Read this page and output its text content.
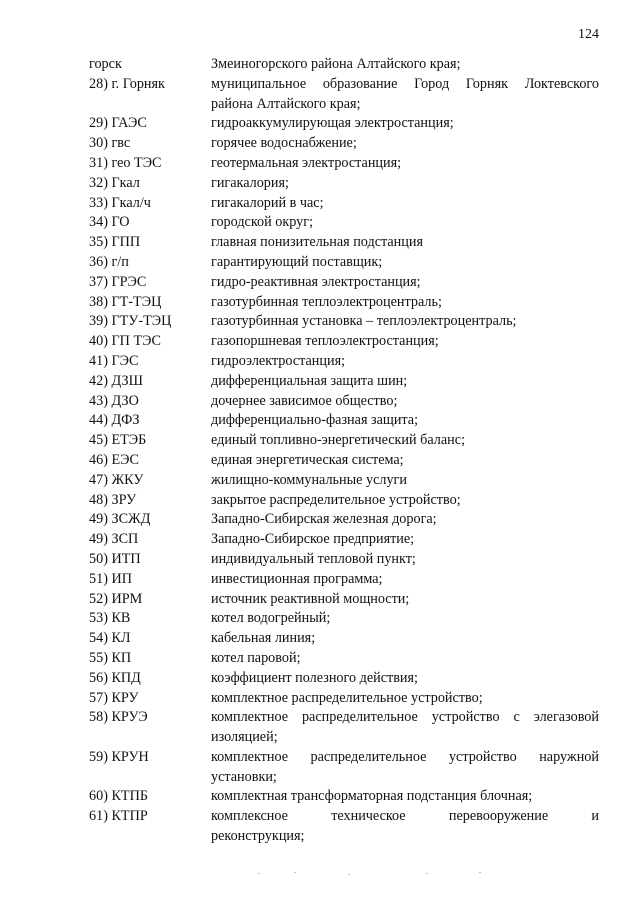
124
горск	Змеиногорского района Алтайского края;
28) г. Горняк	муниципальное образование Город Горняк Локтевского
района Алтайского края;
29) ГАЭС	гидроаккумулирующая электростанция;
30) гвс	горячее водоснабжение;
31) гео ТЭС	геотермальная электростанция;
32) Гкал	гигакалория;
33) Гкал/ч	гигакалорий в час;
34) ГО	городской округ;
35) ГПП	главная понизительная подстанция
36) г/п	гарантирующий поставщик;
37) ГРЭС	гидро-реактивная электростанция;
38) ГТ-ТЭЦ	газотурбинная теплоэлектроцентраль;
39) ГТУ-ТЭЦ	газотурбинная установка – теплоэлектроцентраль;
40) ГП ТЭС	газопоршневая теплоэлектростанция;
41) ГЭС	гидроэлектростанция;
42) ДЗШ	дифференциальная защита шин;
43) ДЗО	дочернее зависимое общество;
44) ДФЗ	дифференциально-фазная защита;
45) ЕТЭБ	единый топливно-энергетический баланс;
46) ЕЭС	единая энергетическая система;
47) ЖКУ	жилищно-коммунальные услуги
48) ЗРУ	закрытое распределительное устройство;
49) ЗСЖД	Западно-Сибирская железная дорога;
49) ЗСП	Западно-Сибирское предприятие;
50) ИТП	индивидуальный тепловой пункт;
51) ИП	инвестиционная программа;
52) ИРМ	источник реактивной мощности;
53) КВ	котел водогрейный;
54) КЛ	кабельная линия;
55) КП	котел паровой;
56) КПД	коэффициент полезного действия;
57) КРУ	комплектное распределительное устройство;
58) КРУЭ	комплектное распределительное устройство с элегазовой
изоляцией;
59) КРУН	комплектное распределительное устройство наружной
установки;
60) КТПБ	комплектная трансформаторная подстанция блочная;
61) КТПР	комплексное техническое перевооружение и
реконструкция;
